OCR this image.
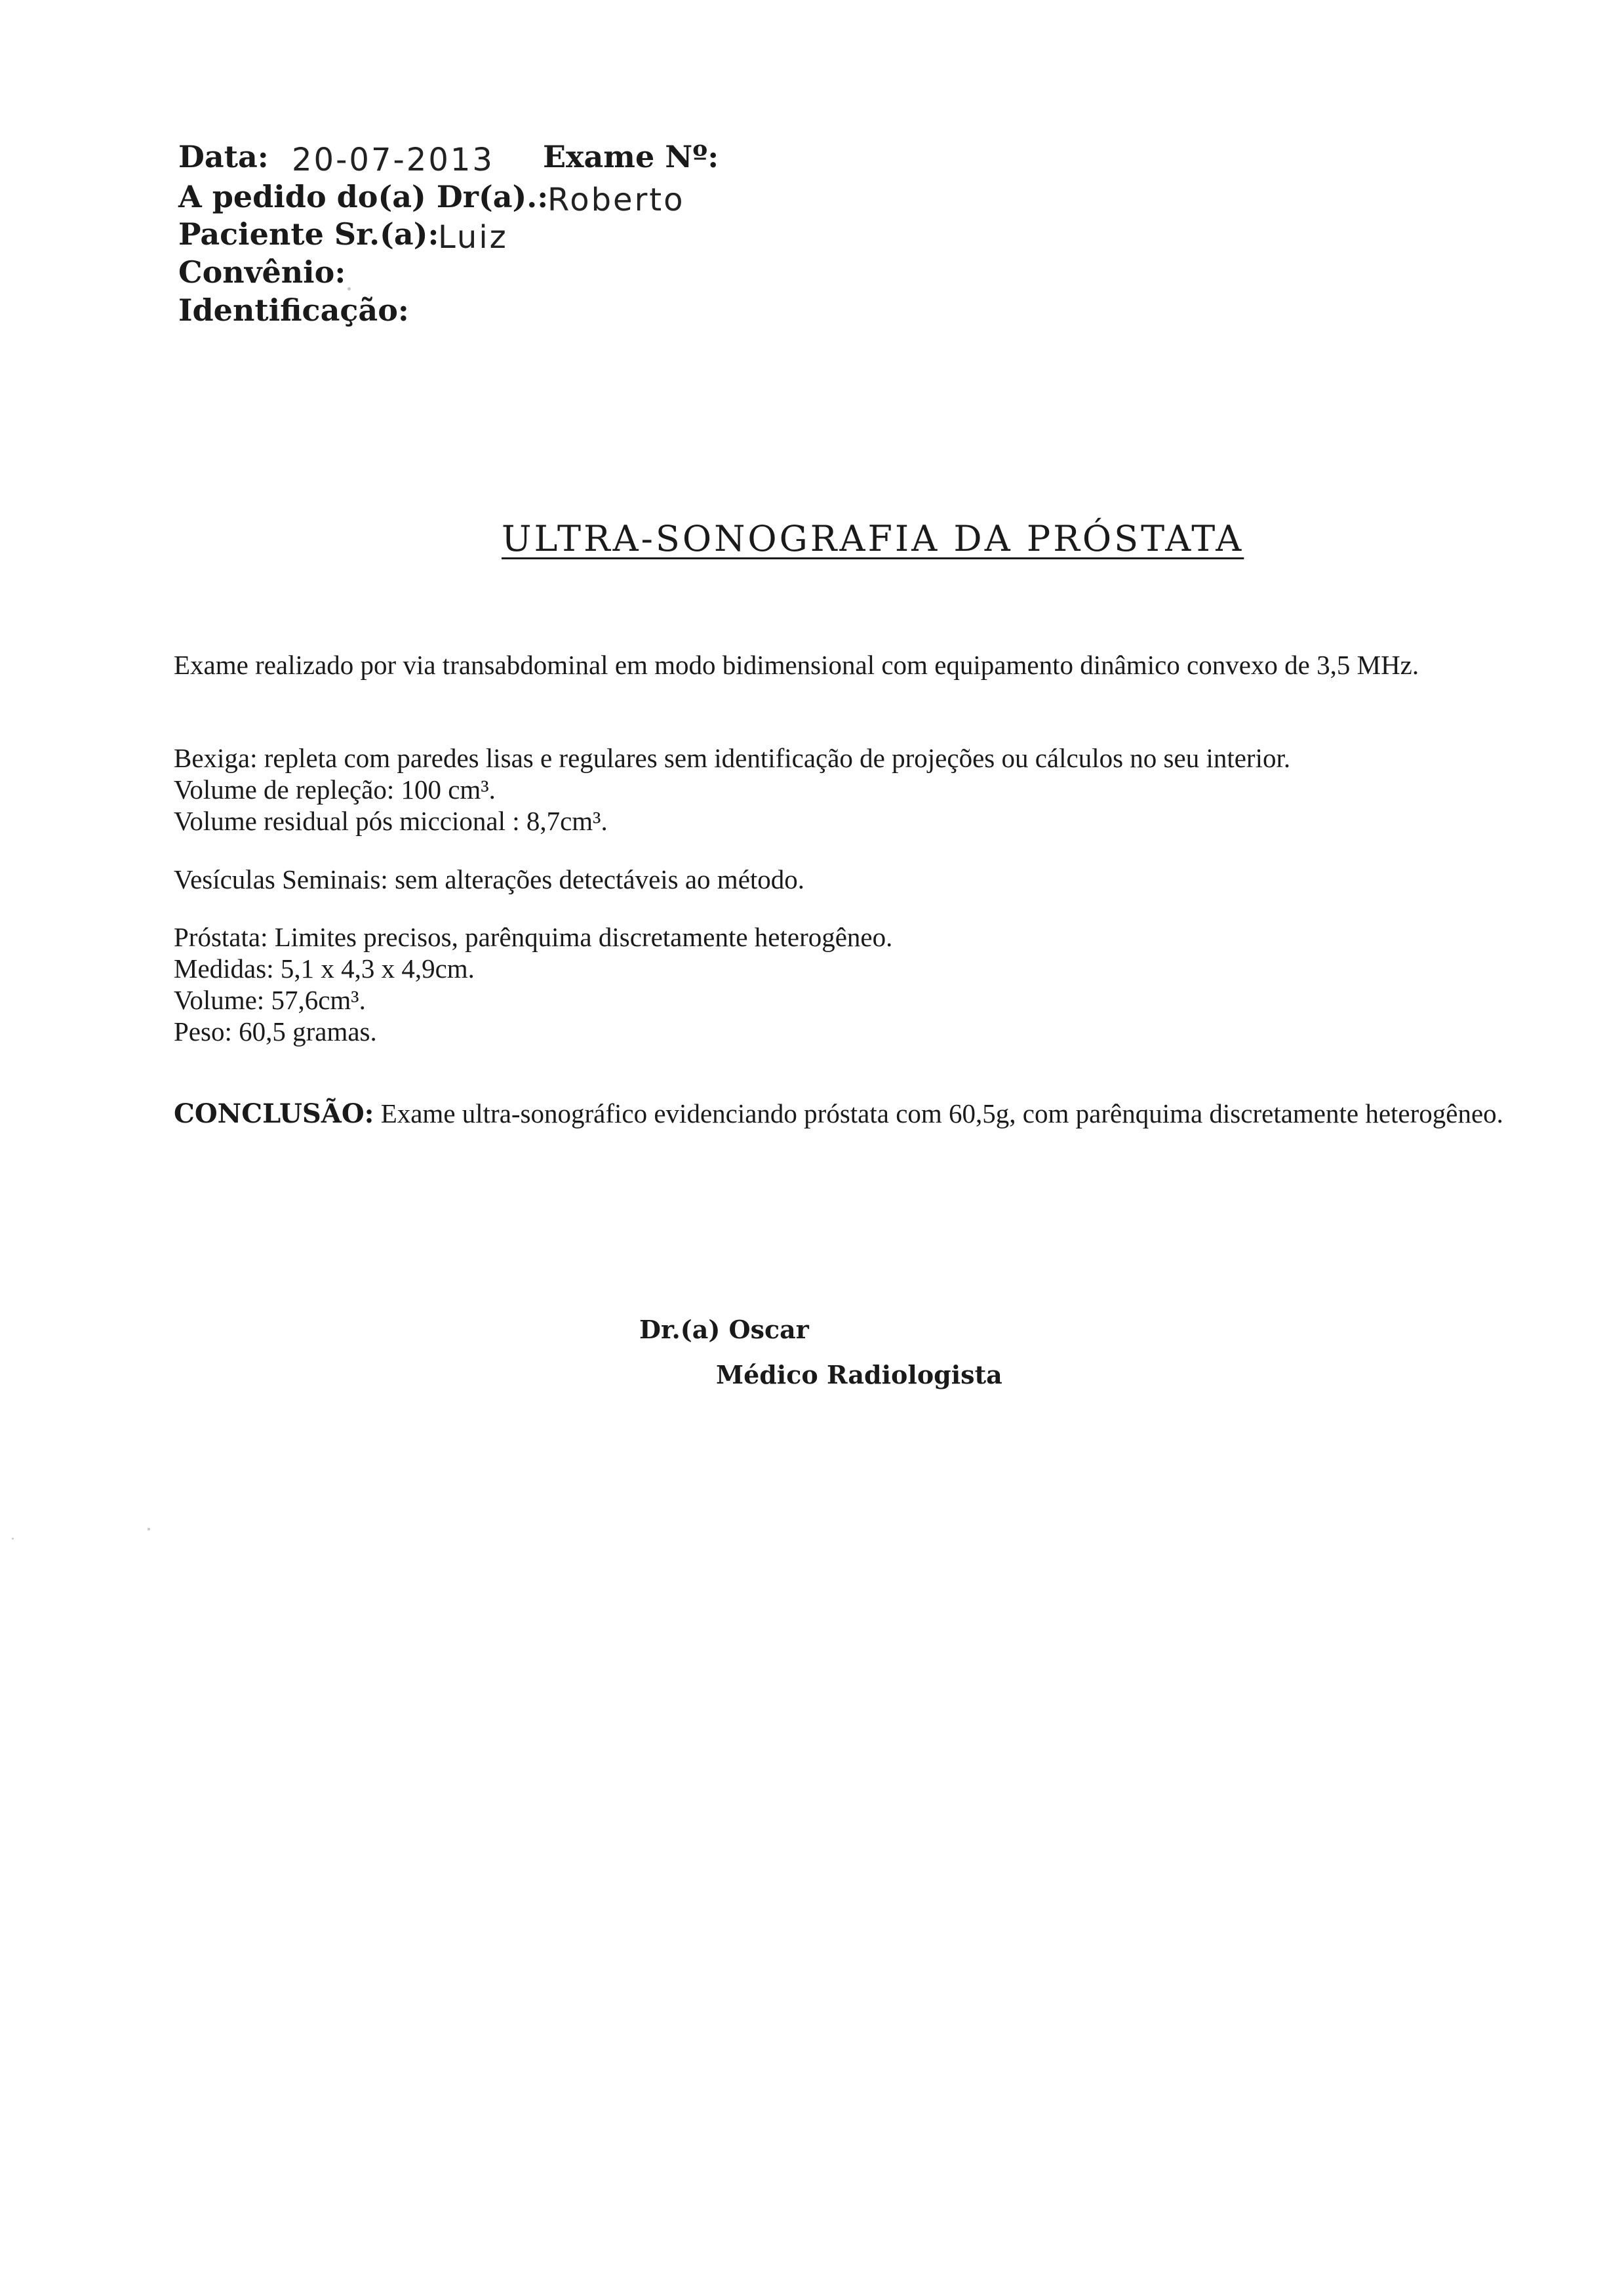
Data: 20-07-2013 Exame Nº:
A pedido do(a) Dr(a).:
Roberto
Paciente Sr.(a):
Luiz
Convênio:
Identificação:
ULTRA-SONOGRAFIA DA PRÓSTATA
Exame realizado por via transabdominal em modo bidimensional com equipamento dinâmico convexo de 3,5 MHz.
Bexiga: repleta com paredes lisas e regulares sem identificação de projeções ou cálculos no seu interior.
Volume de repleção: 100 cm³.
Volume residual pós miccional : 8,7cm³.
Vesículas Seminais: sem alterações detectáveis ao método.
Próstata: Limites precisos, parênquima discretamente heterogêneo.
Medidas: 5,1 x 4,3 x 4,9cm.
Volume: 57,6cm³.
Peso: 60,5 gramas.
CONCLUSÃO: Exame ultra-sonográfico evidenciando próstata com 60,5g, com parênquima discretamente heterogêneo.
Dr.(a) Oscar
Médico Radiologista
